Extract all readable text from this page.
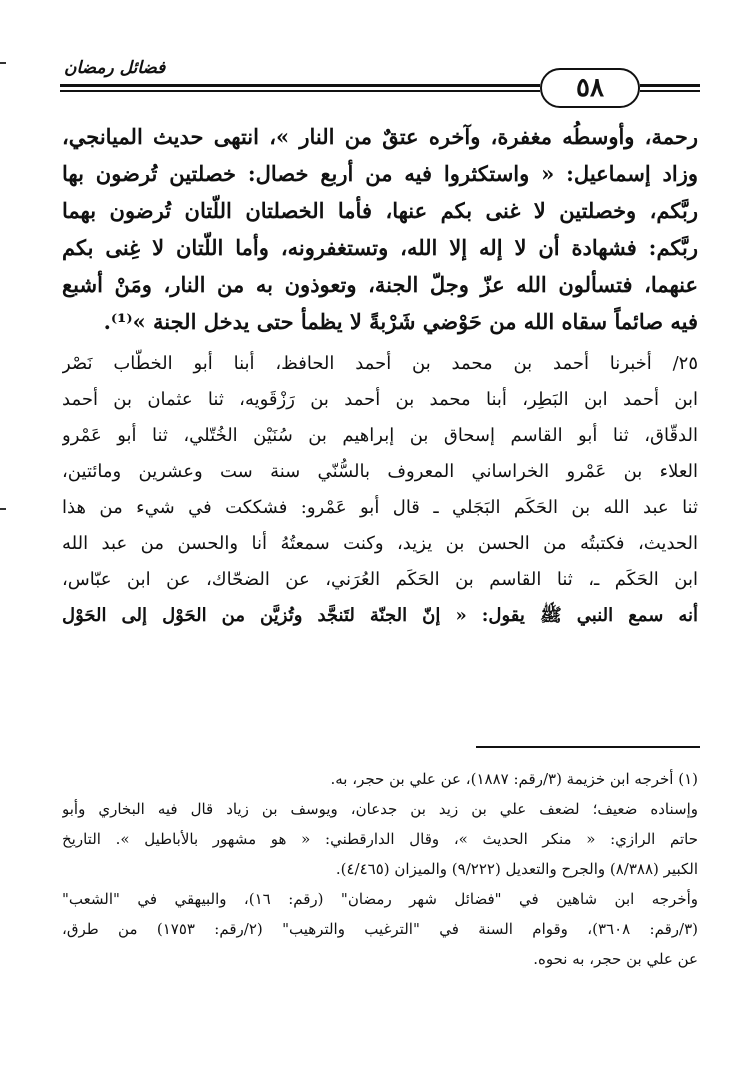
فضائل رمضان
٥٨
رحمة، وأوسطُه مغفرة، وآخره عتقٌ من النار »، انتهى حديث الميانجي،
وزاد إسماعيل: « واستكثروا فيه من أربع خصال: خصلتين تُرضون بها
ربَّكم، وخصلتين لا غنى بكم عنها، فأما الخصلتان اللّتان تُرضون بهما
ربَّكم: فشهادة أن لا إله إلا الله، وتستغفرونه، وأما اللّتان لا غِنى بكم
عنهما، فتسألون الله عزّ وجلّ الجنة، وتعوذون به من النار، ومَنْ أشبع
فيه صائماً سقاه الله من حَوْضي شَرْبةً لا يظمأ حتى يدخل الجنة »⁽¹⁾.
٢٥/ أخبرنا أحمد بن محمد بن أحمد الحافظ، أبنا أبو الخطّاب نَصْر
ابن أحمد ابن البَطِر، أبنا محمد بن أحمد بن رَزْقَويه، ثنا عثمان بن أحمد
الدقّاق، ثنا أبو القاسم إسحاق بن إبراهيم بن سُنَيْن الخُتّلي، ثنا أبو عَمْرو
العلاء بن عَمْرو الخراساني المعروف بالسُّنّي سنة ست وعشرين ومائتين،
ثنا عبد الله بن الحَكَم البَجَلي ـ قال أبو عَمْرو: فشككت في شيء من هذا
الحديث، فكتبتُه من الحسن بن يزيد، وكنت سمعتُهُ أنا والحسن من عبد الله
ابن الحَكَم ـ، ثنا القاسم بن الحَكَم العُرَني، عن الضحّاك، عن ابن عبّاس،
أنه سمع النبي ﷺ يقول: « إنّ الجنّة لتَنجَّد وتُزيَّن من الحَوْل إلى الحَوْل
(١) أخرجه ابن خزيمة (٣/رقم: ١٨٨٧)، عن علي بن حجر، به.
وإسناده ضعيف؛ لضعف علي بن زيد بن جدعان، ويوسف بن زياد قال فيه البخاري وأبو
حاتم الرازي: « منكر الحديث »، وقال الدارقطني: « هو مشهور بالأباطيل ». التاريخ
الكبير (٨/٣٨٨) والجرح والتعديل (٩/٢٢٢) والميزان (٤/٤٦٥).
وأخرجه ابن شاهين في "فضائل شهر رمضان" (رقم: ١٦)، والبيهقي في "الشعب"
(٣/رقم: ٣٦٠٨)، وقوام السنة في "الترغيب والترهيب" (٢/رقم: ١٧٥٣) من طرق،
عن علي بن حجر، به نحوه.
